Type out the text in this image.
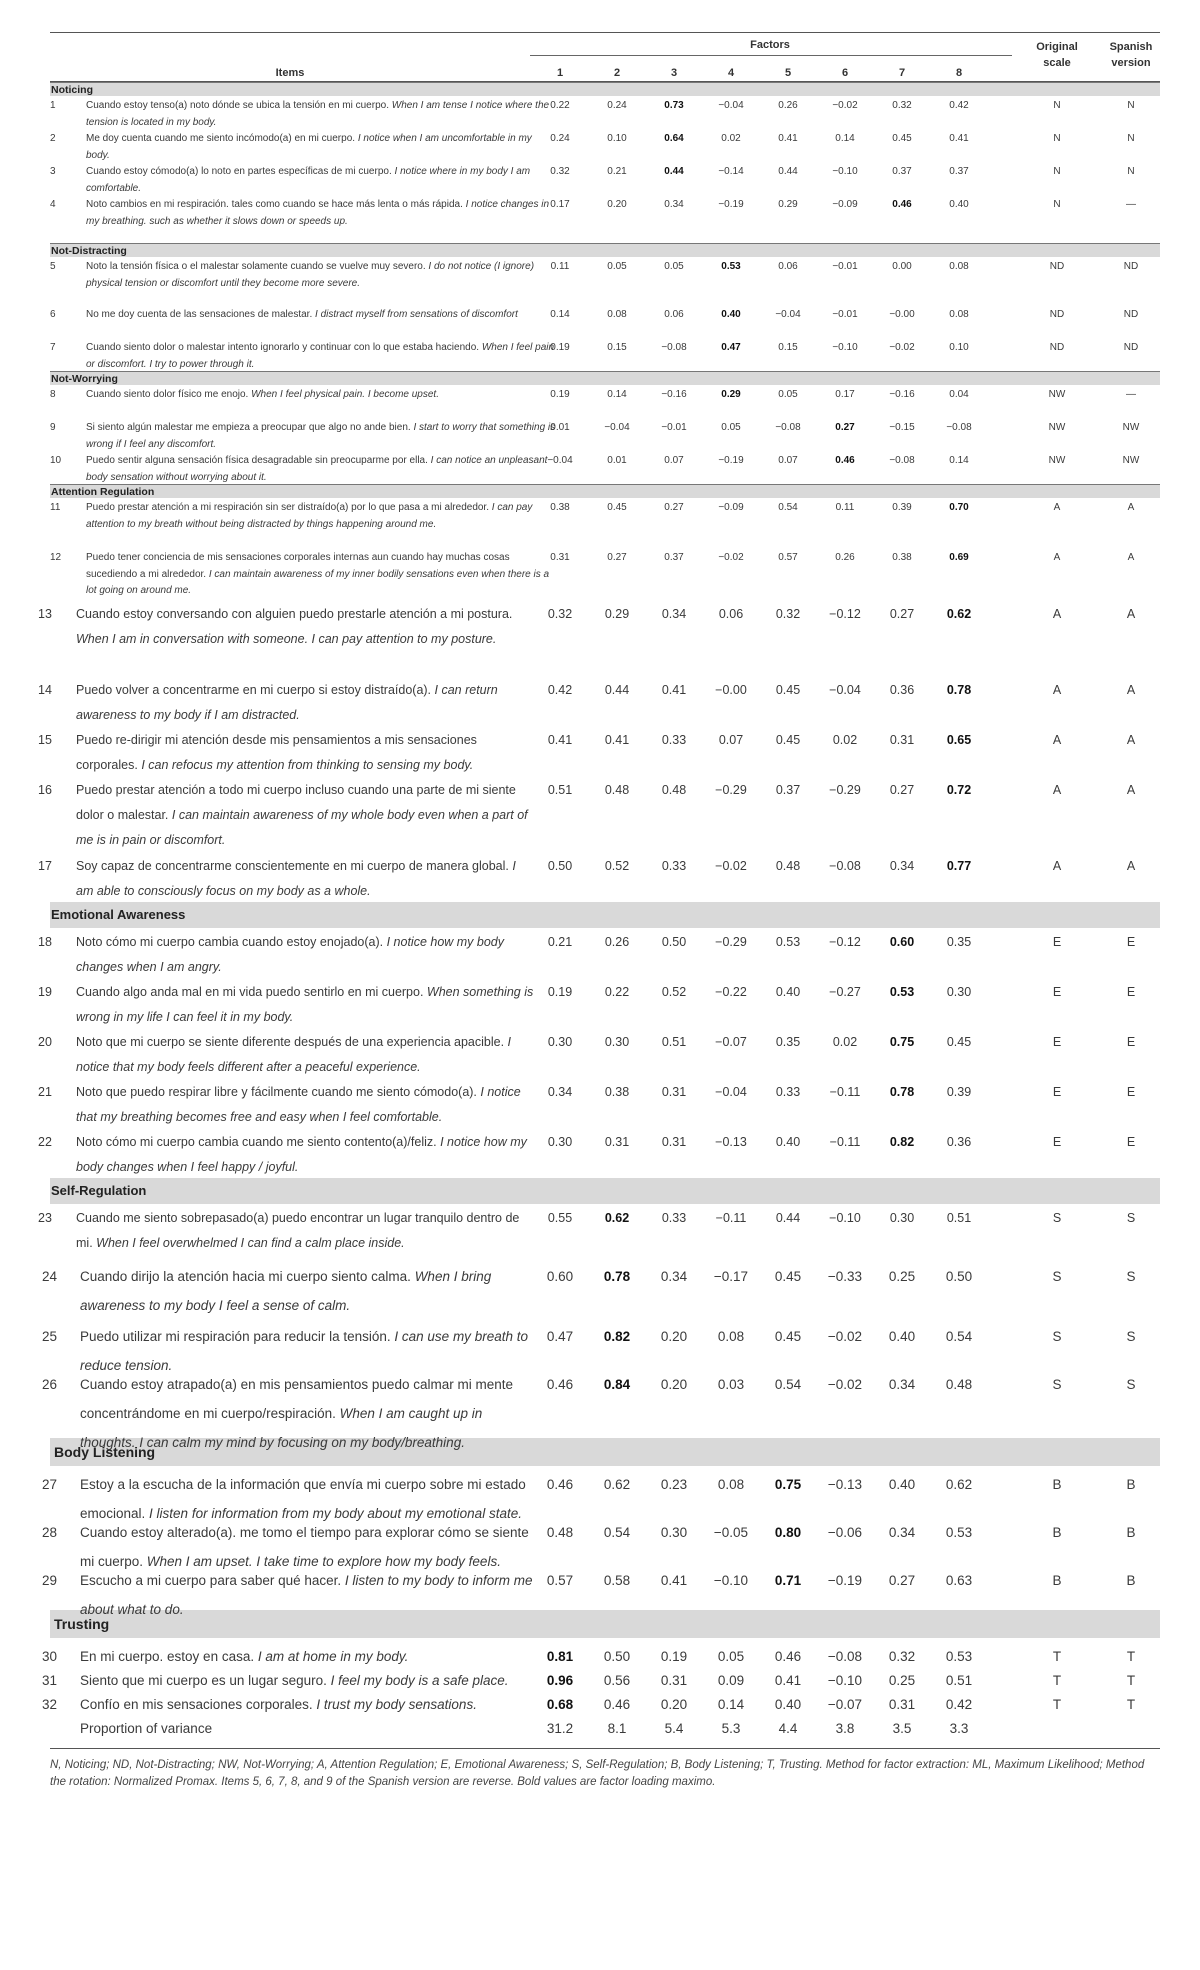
Factors
Items	1	2	3	4	5	6	7	8
Original
scale
Spanish
version
Noticing
1	Cuando estoy tenso(a) noto dónde se ubica la tensión en mi cuerpo. When I am tense I notice where the tension is located in my body.
0.22	0.24	0.73	−0.04	0.26	−0.02	0.32	0.42	N	N
2	Me doy cuenta cuando me siento incómodo(a) en mi cuerpo. I notice when I am uncomfortable in my body.
0.24	0.10	0.64	0.02	0.41	0.14	0.45	0.41	N	N
3	Cuando estoy cómodo(a) lo noto en partes específicas de mi cuerpo. I notice where in my body I am comfortable.
0.32	0.21	0.44	−0.14	0.44	−0.10	0.37	0.37	N	N
4	Noto cambios en mi respiración. tales como cuando se hace más lenta o más rápida. I notice changes in my breathing. such as whether it slows down or speeds up.
0.17	0.20	0.34	−0.19	0.29	−0.09	0.46	0.40	N	—
Not-Distracting
5	Noto la tensión física o el malestar solamente cuando se vuelve muy severo. I do not notice (I ignore) physical tension or discomfort until they become more severe.
0.11	0.05	0.05	0.53	0.06	−0.01	0.00	0.08	ND	ND
6	No me doy cuenta de las sensaciones de malestar. I distract myself from sensations of discomfort	0.14	0.08	0.06	0.40	−0.04	−0.01	−0.00	0.08	ND	ND
7	Cuando siento dolor o malestar intento ignorarlo y continuar con lo que estaba haciendo. When I feel pain or discomfort. I try to power through it.
0.19	0.15	−0.08	0.47	0.15	−0.10	−0.02	0.10	ND	ND
Not-Worrying
8	Cuando siento dolor físico me enojo. When I feel physical pain. I become upset.	0.19	0.14	−0.16	0.29	0.05	0.17	−0.16	0.04	NW	—
9	Si siento algún malestar me empieza a preocupar que algo no ande bien. I start to worry that something is wrong if I feel any discomfort.
0.01	−0.04	−0.01	0.05	−0.08	0.27	−0.15	−0.08	NW	NW
10 Puedo sentir alguna sensación física desagradable sin preocuparme por ella. I can notice an unpleasant body sensation without worrying about it.
−0.04	0.01	0.07	−0.19	0.07	0.46	−0.08	0.14	NW	NW
Attention Regulation
11	Puedo prestar atención a mi respiración sin ser distraído(a) por lo que pasa a mi alrededor. I can pay attention to my breath without being distracted by things happening around me.
0.38	0.45	0.27	−0.09	0.54	0.11	0.39	0.70	A	A
12 Puedo tener conciencia de mis sensaciones corporales internas aun cuando hay muchas cosas sucediendo a mi alrededor. I can maintain awareness of my inner bodily sensations even when there is a lot going on around me.
0.31	0.27	0.37	−0.02	0.57	0.26	0.38	0.69	A	A
13	Cuando estoy conversando con alguien puedo prestarle atención a mi postura. When I am in conversation with someone. I can pay attention to my posture.
0.32	0.29	0.34	0.06	0.32	−0.12	0.27	0.62	A	A
14	Puedo volver a concentrarme en mi cuerpo si estoy distraído(a). I can return awareness to my body if I am distracted.
0.42	0.44	0.41	−0.00	0.45	−0.04	0.36	0.78	A	A
15	Puedo re-dirigir mi atención desde mis pensamientos a mis sensaciones corporales. I can refocus my attention from thinking to sensing my body.
0.41	0.41	0.33	0.07	0.45	0.02	0.31	0.65	A	A
16	Puedo prestar atención a todo mi cuerpo incluso cuando una parte de mi siente dolor o malestar. I can maintain awareness of my whole body even when a part of me is in pain or discomfort.
0.51	0.48	0.48	−0.29	0.37	−0.29	0.27	0.72	A	A
17	Soy capaz de concentrarme conscientemente en mi cuerpo de manera global. I am able to consciously focus on my body as a whole.
0.50	0.52	0.33	−0.02	0.48	−0.08	0.34	0.77	A	A
Emotional Awareness
18	Noto cómo mi cuerpo cambia cuando estoy enojado(a). I notice how my body changes when I am angry.
0.21	0.26	0.50	−0.29	0.53	−0.12	0.60	0.35	E	E
19	Cuando algo anda mal en mi vida puedo sentirlo en mi cuerpo. When something is wrong in my life I can feel it in my body.
0.19	0.22	0.52	−0.22	0.40	−0.27	0.53	0.30	E	E
20	Noto que mi cuerpo se siente diferente después de una experiencia apacible. I notice that my body feels different after a peaceful experience.
0.30	0.30	0.51	−0.07	0.35	0.02	0.75	0.45	E	E
21	Noto que puedo respirar libre y fácilmente cuando me siento cómodo(a). I notice that my breathing becomes free and easy when I feel comfortable.
0.34	0.38	0.31	−0.04	0.33	−0.11	0.78	0.39	E	E
22	Noto cómo mi cuerpo cambia cuando me siento contento(a)/feliz. I notice how my body changes when I feel happy / joyful.
0.30	0.31	0.31	−0.13	0.40	−0.11	0.82	0.36	E	E
Self-Regulation
23	Cuando me siento sobrepasado(a) puedo encontrar un lugar tranquilo dentro de mi. When I feel overwhelmed I can find a calm place inside.
0.55	0.62	0.33	−0.11	0.44	−0.10	0.30	0.51	S	S
24	Cuando dirijo la atención hacia mi cuerpo siento calma. When I bring awareness to my body I feel a sense of calm.
0.60	0.78	0.34	−0.17	0.45	−0.33	0.25	0.50	S	S
25	Puedo utilizar mi respiración para reducir la tensión. I can use my breath to reduce tension.
0.47	0.82	0.20	0.08	0.45	−0.02	0.40	0.54	S	S
26	Cuando estoy atrapado(a) en mis pensamientos puedo calmar mi mente concentrándome en mi cuerpo/respiración. When I am caught up in thoughts. I can calm my mind by focusing on my body/breathing.
0.46	0.84	0.20	0.03	0.54	−0.02	0.34	0.48	S	S
Body Listening
27	Estoy a la escucha de la información que envía mi cuerpo sobre mi estado emocional. I listen for information from my body about my emotional state.
0.46	0.62	0.23	0.08	0.75	−0.13	0.40	0.62	B	B
28	Cuando estoy alterado(a). me tomo el tiempo para explorar cómo se siente mi cuerpo. When I am upset. I take time to explore how my body feels.
0.48	0.54	0.30	−0.05	0.80	−0.06	0.34	0.53	B	B
29	Escucho a mi cuerpo para saber qué hacer. I listen to my body to inform me about what to do.
0.57	0.58	0.41	−0.10	0.71	−0.19	0.27	0.63	B	B
Trusting
30	En mi cuerpo. estoy en casa. I am at home in my body.	0.81	0.50	0.19	0.05	0.46	−0.08	0.32	0.53	T	T
31	Siento que mi cuerpo es un lugar seguro. I feel my body is a safe place.	0.96	0.56	0.31	0.09	0.41	−0.10	0.25	0.51	T	T
32	Confío en mis sensaciones corporales. I trust my body sensations.	0.68	0.46	0.20	0.14	0.40	−0.07	0.31	0.42	T	T
Proportion of variance	31.2	8.1	5.4	5.3	4.4	3.8	3.5	3.3
N, Noticing; ND, Not-Distracting; NW, Not-Worrying; A, Attention Regulation; E, Emotional Awareness; S, Self-Regulation; B, Body Listening; T, Trusting. Method for factor extraction: ML, Maximum Likelihood; Method the rotation: Normalized Promax. Items 5, 6, 7, 8, and 9 of the Spanish version are reverse. Bold values are factor loading maximo.
